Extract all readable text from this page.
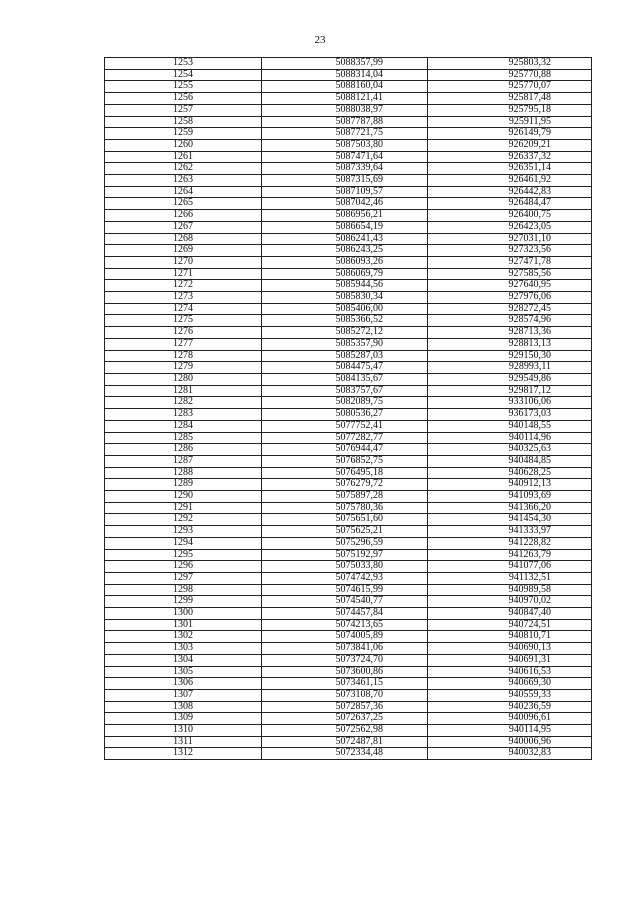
23
1253	5088357,99	925803,32
1254	5088314,04	925770,88
1255	5088160,04	925770,07
1256	5088121,41	925817,48
1257	5088038,97	925795,18
1258	5087787,88	925911,95
1259	5087721,75	926149,79
1260	5087503,80	926209,21
1261	5087471,64	926337,32
1262	5087339,64	926351,14
1263	5087315,69	926461,92
1264	5087109,57	926442,83
1265	5087042,46	926484,47
1266	5086956,21	926400,75
1267	5086654,19	926423,05
1268	5086241,43	927031,10
1269	5086243,25	927323,56
1270	5086093,26	927471,78
1271	5086069,79	927585,56
1272	5085944,56	927640,95
1273	5085830,34	927976,06
1274	5085406,00	928272,45
1275	5085366,52	928574,96
1276	5085272,12	928713,36
1277	5085357,90	928813,13
1278	5085287,03	929150,30
1279	5084475,47	928993,11
1280	5084135,67	929549,86
1281	5083757,67	929817,12
1282	5082089,75	933106,06
1283	5080536,27	936173,03
1284	5077752,41	940148,55
1285	5077282,77	940114,96
1286	5076944,47	940325,63
1287	5076852,75	940484,85
1288	5076495,18	940628,25
1289	5076279,72	940912,13
1290	5075897,28	941093,69
1291	5075780,36	941366,20
1292	5075651,60	941454,30
1293	5075625,21	941333,97
1294	5075296,59	941228,82
1295	5075192,97	941263,79
1296	5075033,80	941077,06
1297	5074742,93	941132,51
1298	5074615,99	940989,58
1299	5074540,77	940970,02
1300	5074457,84	940847,40
1301	5074213,65	940724,51
1302	5074005,89	940810,71
1303	5073841,06	940690,13
1304	5073724,70	940691,31
1305	5073600,86	940616,53
1306	5073461,15	940669,30
1307	5073108,70	940559,33
1308	5072857,36	940236,59
1309	5072637,25	940096,61
1310	5072562,98	940114,95
1311	5072487,81	940006,96
1312	5072334,48	940032,83
